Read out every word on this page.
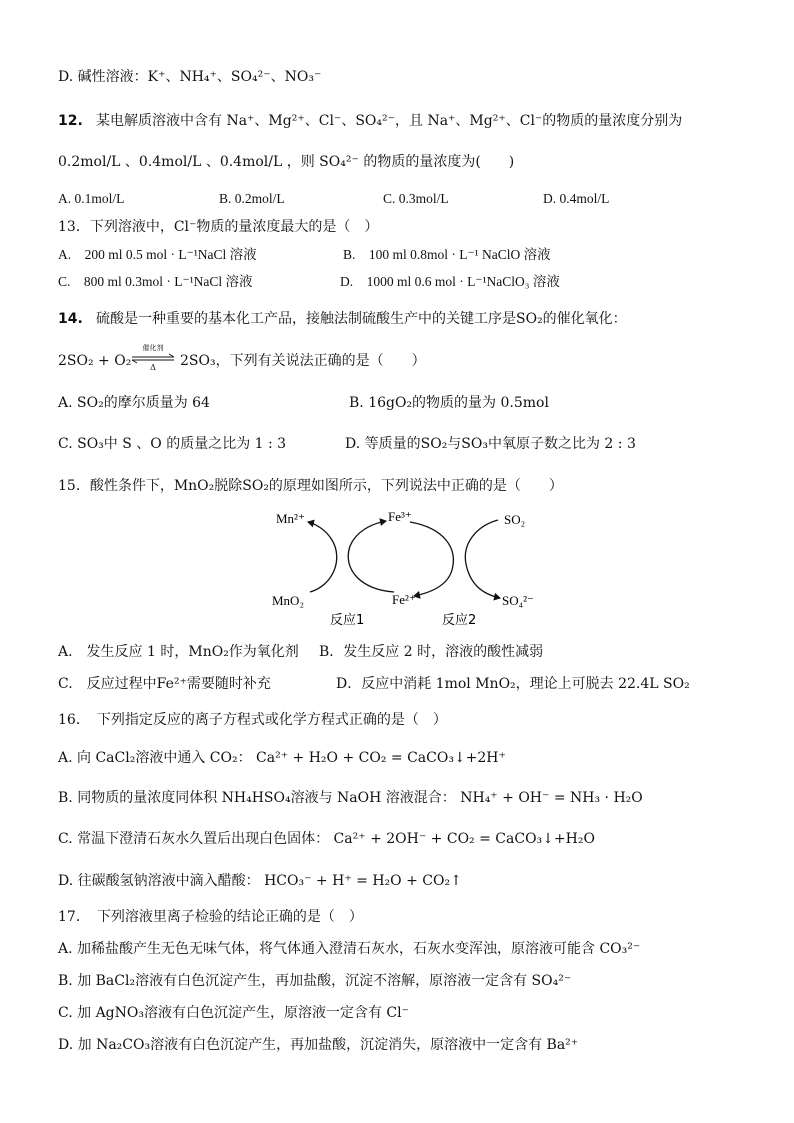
D. 碱性溶液：K⁺、NH₄⁺、SO₄²⁻、NO₃⁻
12. 某电解质溶液中含有 Na⁺、Mg²⁺、Cl⁻、SO₄²⁻，且 Na⁺、Mg²⁺、Cl⁻的物质的量浓度分别为
0.2mol/L 、0.4mol/L 、0.4mol/L ，则 SO₄²⁻ 的物质的量浓度为(　　)
A. 0.1mol/L	B. 0.2mol/L	C. 0.3mol/L	D. 0.4mol/L
13．下列溶液中，Cl⁻物质的量浓度最大的是（　）
A.　200 ml 0.5 mol · L⁻¹NaCl 溶液	B.　100 ml 0.8mol · L⁻¹ NaClO 溶液
C.　800 ml 0.3mol · L⁻¹NaCl 溶液	D.　1000 ml 0.6 mol · L⁻¹NaClO₃ 溶液
14. 硫酸是一种重要的基本化工产品，接触法制硫酸生产中的关键工序是SO₂的催化氧化：
2SO₂ + O₂
催化剂
Δ	2SO₃，下列有关说法正确的是（　　）
A. SO₂的摩尔质量为 64	B. 16gO₂的物质的量为 0.5mol
C. SO₃中 S 、O 的质量之比为 1 : 3	D. 等质量的SO₂与SO₃中氧原子数之比为 2 : 3
15．酸性条件下，MnO₂脱除SO₂的原理如图所示，下列说法中正确的是（　　）
Mn²⁺	Fe³⁺	SO₂
MnO₂	Fe²⁺	SO₄²⁻
反应1	反应2
A.　发生反应 1 时，MnO₂作为氧化剂 B．发生反应 2 时，溶液的酸性减弱
C.　反应过程中Fe²⁺需要随时补充	D．反应中消耗 1mol MnO₂，理论上可脱去 22.4L SO₂
16．　下列指定反应的离子方程式或化学方程式正确的是（　）
A. 向 CaCl₂溶液中通入 CO₂： Ca²⁺ + H₂O + CO₂ = CaCO₃↓+2H⁺
B. 同物质的量浓度同体积 NH₄HSO₄溶液与 NaOH 溶液混合： NH₄⁺ + OH⁻ = NH₃ · H₂O
C. 常温下澄清石灰水久置后出现白色固体： Ca²⁺ + 2OH⁻ + CO₂ = CaCO₃↓+H₂O
D. 往碳酸氢钠溶液中滴入醋酸： HCO₃⁻ + H⁺ = H₂O + CO₂↑
17．　下列溶液里离子检验的结论正确的是（　）
A. 加稀盐酸产生无色无味气体，将气体通入澄清石灰水，石灰水变浑浊，原溶液可能含 CO₃²⁻
B. 加 BaCl₂溶液有白色沉淀产生，再加盐酸，沉淀不溶解，原溶液一定含有 SO₄²⁻
C. 加 AgNO₃溶液有白色沉淀产生，原溶液一定含有 Cl⁻
D. 加 Na₂CO₃溶液有白色沉淀产生，再加盐酸，沉淀消失，原溶液中一定含有 Ba²⁺
